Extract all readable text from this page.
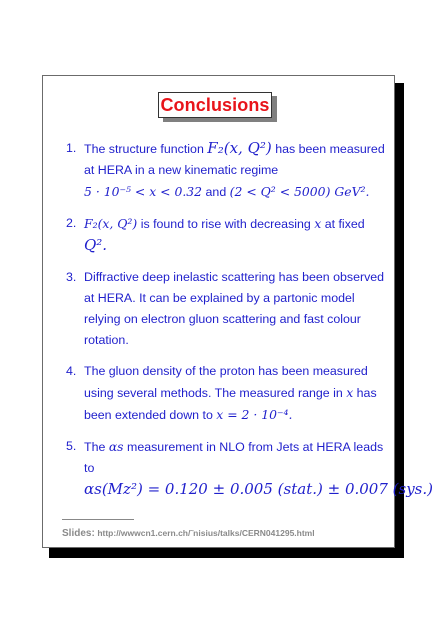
Conclusions
1. The structure function F₂(x, Q²) has been measured at HERA in a new kinematic regime
5 · 10⁻⁵ < x < 0.32 and (2 < Q² < 5000) GeV².
2. F₂(x, Q²) is found to rise with decreasing x at fixed
Q².
3. Diffractive deep inelastic scattering has been observed at HERA. It can be explained by a partonic model relying on electron gluon scattering and fast colour rotation.
4. The gluon density of the proton has been measured using several methods. The measured range in x has been extended down to x = 2 · 10⁻⁴.
5. The αs measurement in NLO from Jets at HERA leads to
αs(Mz²) = 0.120 ± 0.005 (stat.) ± 0.007 (sys.)
Slides: http://wwwcn1.cern.ch/˜nisius/talks/CERN041295.html
